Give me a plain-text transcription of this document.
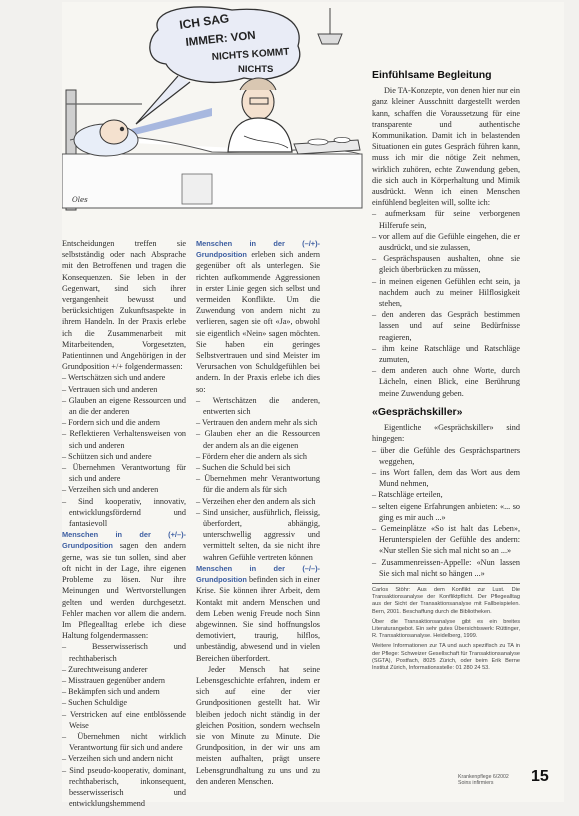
ICH SAG
IMMER: VON
NICHTS KOMMT
NICHTS
Oles

Entscheidungen treffen sie selbstständig oder nach Absprache mit den Betroffenen und tragen die Konsequenzen. Sie leben in der Gegenwart, sind sich ihrer vergangenheit bewusst und berücksichtigen Zukunftsaspekte in ihrem Handeln. In der Praxis erlebe ich die Zusammenarbeit mit Mitarbeitenden, Vorgesetzten, Patientinnen und Angehörigen in der Grundposition +/+ folgendermassen:

– Wertschätzen sich und andere
– Vertrauen sich und anderen
– Glauben an eigene Ressourcen und an die der anderen
– Fordern sich und die andern
– Reflektieren Verhaltensweisen von sich und anderen
– Schützen sich und andere
– Übernehmen Verantwortung für sich und andere
– Verzeihen sich und anderen
– Sind kooperativ, innovativ, entwicklungsfördernd und fantasievoll

Menschen in der (+/–)-Grundposition sagen den andern gerne, was sie tun sollen, sind aber oft nicht in der Lage, ihre eigenen Probleme zu lösen. Nur ihre Meinungen und Wertvorstellungen gelten und werden durchgesetzt. Fehler machen vor allem die andern. Im Pflegealltag erlebe ich diese Haltung folgendermassen:

– Besserwisserisch und rechthaberisch
– Zurechtweisung anderer
– Misstrauen gegenüber andern
– Bekämpfen sich und andern
– Suchen Schuldige
– Verstricken auf eine entblössende Weise
– Übernehmen nicht wirklich Verantwortung für sich und andere
– Verzeihen sich und andern nicht
– Sind pseudo-kooperativ, dominant, rechthaberisch, inkonsequent, besserwisserisch und entwicklungshemmend

Menschen in der (–/+)-Grundposition erleben sich andern gegenüber oft als unterlegen. Sie richten aufkommende Aggressionen in erster Linie gegen sich selbst und vermeiden Konflikte. Um die Zuwendung von andern nicht zu verlieren, sagen sie oft «Ja», obwohl sie eigentlich «Nein» sagen möchten. Sie haben ein geringes Selbstvertrauen und sind Meister im Verursachen von Schuldgefühlen bei andern. In der Praxis erlebe ich dies so:

– Wertschätzen die anderen, entwerten sich
– Vertrauen den andern mehr als sich
– Glauben eher an die Ressourcen der andern als an die eigenen
– Fördern eher die andern als sich
– Suchen die Schuld bei sich
– Übernehmen mehr Verantwortung für die andern als für sich
– Verzeihen eher den andern als sich
– Sind unsicher, ausführlich, fleissig, überfordert, abhängig, unterschwellig aggressiv und vermittelt selten, da sie nicht ihre wahren Gefühle vertreten können

Menschen in der (–/–)-Grundposition befinden sich in einer Krise. Sie können ihrer Arbeit, dem Kontakt mit andern Menschen und dem Leben wenig Freude noch Sinn abgewinnen. Sie sind hoffnungslos demotiviert, traurig, hilflos, unbeständig, abwesend und in vielen Bereichen überfordert.

Jeder Mensch hat seine Lebensgeschichte erfahren, indem er sich auf eine der vier Grundpositionen gestellt hat. Wir bleiben jedoch nicht ständig in der gleichen Position, sondern wechseln sie von Minute zu Minute. Die Grundposition, in der wir uns am meisten aufhalten, prägt unsere Lebensgrundhaltung zu uns und zu den anderen Menschen.

Einfühlsame Begleitung

Die TA-Konzepte, von denen hier nur ein ganz kleiner Ausschnitt dargestellt werden kann, schaffen die Voraussetzung für eine transparente und authentische Kommunikation. Damit ich in belastenden Situationen ein gutes Gespräch führen kann, muss ich mir die nötige Zeit nehmen, wirklich zuhören, echte Zuwendung geben, die sich auch in Körperhaltung und Mimik ausdrückt. Wenn ich einen Menschen einfühlend begleiten will, sollte ich:

– aufmerksam für seine verborgenen Hilferufe sein,
– vor allem auf die Gefühle eingehen, die er ausdrückt, und sie zulassen,
– Gesprächspausen aushalten, ohne sie gleich überbrücken zu müssen,
– in meinen eigenen Gefühlen echt sein, ja nachdem auch zu meiner Hilflosigkeit stehen,
– den anderen das Gespräch bestimmen lassen und auf seine Bedürfnisse reagieren,
– ihm keine Ratschläge und Ratschläge zumuten,
– dem anderen auch ohne Worte, durch Lächeln, einen Blick, eine Berührung meine Zuwendung geben.
«Gesprächskiller»

Eigentliche «Gesprächskiller» sind hingegen:

– über die Gefühle des Gesprächspartners weggehen,
– ins Wort fallen, dem das Wort aus dem Mund nehmen,
– Ratschläge erteilen,
– selten eigene Erfahrungen anbieten: «... so ging es mir auch ...»
– Gemeinplätze «So ist halt das Leben», Herunterspielen der Gefühle des andern: «Nur stellen Sie sich mal nicht so an ...»
– Zusammenreissen-Appelle: «Nun lassen Sie sich mal nicht so hängen ...»

Carlos Stöhr: Aus dem Konflikt zur Lust. Die Transaktionsanalyse der Konfliktpflicht. Der Pflegealltag aus der Sicht der Transaktionsanalyse mit Fallbeispielen. Bern, 2001. Beschaffung durch die Bibliotheken.

Über die Transaktionsanalyse gibt es ein breites Literaturangebot. Ein sehr gutes Übersichtswerk: Rüttinger, R. Transaktionsanalyse. Heidelberg, 1999.

Weitere Informationen zur TA und auch spezifisch zu TA in der Pflege: Schweizer Gesellschaft für Transaktionsanalyse (SGTA), Postfach, 8025 Zürich, oder beim Erik Berne Institut Zürich, Informationsstelle: 01 280 24 53.

Krankenpflege 6/2002
Soins infirmiers	15
